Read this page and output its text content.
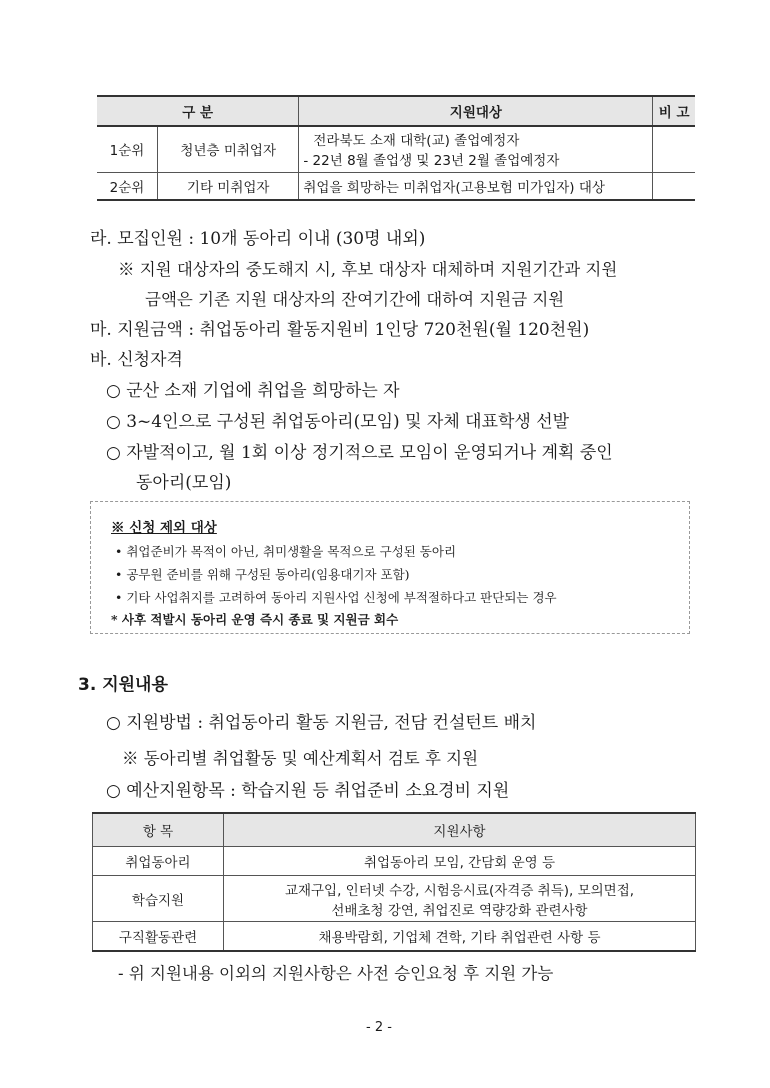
구 분		지원대상	비 고
1순위	청년층 미취업자	전라북도 소재 대학(교) 졸업예정자
- 22년 8월 졸업생 및 23년 2월 졸업예정자	

2순위	기타 미취업자	취업을 희망하는 미취업자(고용보험 미가입자) 대상	
라. 모집인원 : 10개 동아리 이내 (30명 내외)
※ 지원 대상자의 중도해지 시, 후보 대상자 대체하며 지원기간과 지원
금액은 기존 지원 대상자의 잔여기간에 대하여 지원금 지원
마. 지원금액 : 취업동아리 활동지원비 1인당 720천원(월 120천원)
바. 신청자격
○ 군산 소재 기업에 취업을 희망하는 자
○ 3~4인으로 구성된 취업동아리(모임) 및 자체 대표학생 선발
○ 자발적이고, 월 1회 이상 정기적으로 모임이 운영되거나 계획 중인
동아리(모임)
※ 신청 제외 대상
• 취업준비가 목적이 아닌, 취미생활을 목적으로 구성된 동아리
• 공무원 준비를 위해 구성된 동아리(임용대기자 포함)
• 기타 사업취지를 고려하여 동아리 지원사업 신청에 부적절하다고 판단되는 경우
* 사후 적발시 동아리 운영 즉시 종료 및 지원금 회수
3. 지원내용
○ 지원방법 : 취업동아리 활동 지원금, 전담 컨설턴트 배치
※ 동아리별 취업활동 및 예산계획서 검토 후 지원
○ 예산지원항목 : 학습지원 등 취업준비 소요경비 지원
항 목	지원사항
취업동아리	취업동아리 모임, 간담회 운영 등
학습지원	교재구입, 인터넷 수강, 시험응시료(자격증 취득), 모의면접,
선배초청 강연, 취업진로 역량강화 관련사항

구직활동관련	채용박람회, 기업체 견학, 기타 취업관련 사항 등
- 위 지원내용 이외의 지원사항은 사전 승인요청 후 지원 가능
- 2 -
